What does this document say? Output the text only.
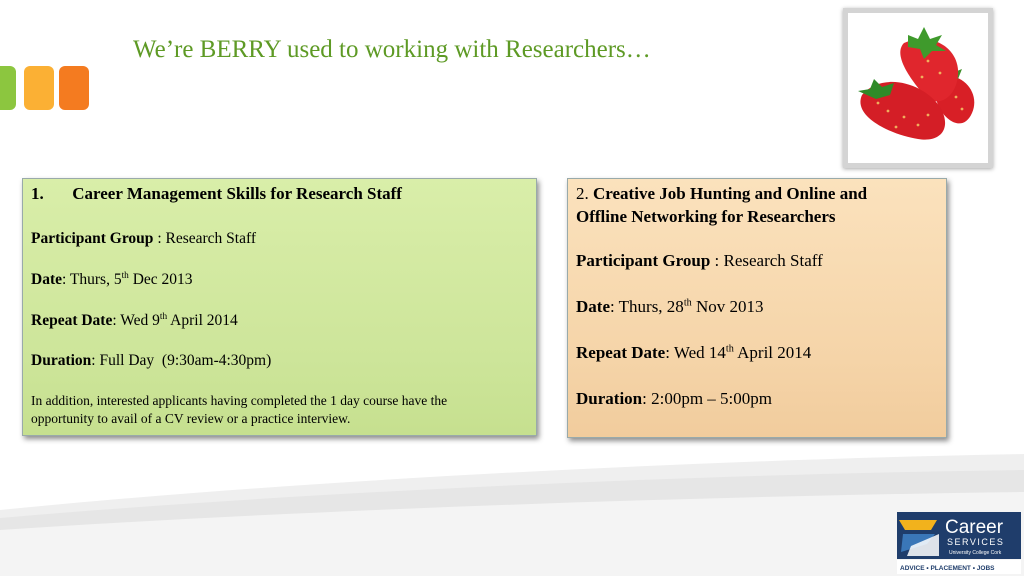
We’re BERRY used to working with Researchers…
1. Career Management Skills for Research Staff
Participant Group : Research Staff
Date: Thurs, 5th Dec 2013
Repeat Date: Wed 9th April 2014
Duration: Full Day  (9:30am-4:30pm)
In addition, interested applicants having completed the 1 day course have the
opportunity to avail of a CV review or a practice interview.
2. Creative Job Hunting and Online and
Offline Networking for Researchers
Participant Group : Research Staff
Date: Thurs, 28th Nov 2013
Repeat Date: Wed 14th April 2014
Duration: 2:00pm – 5:00pm
Career
SERVICES
University College Cork
ADVICE • PLACEMENT • JOBS
